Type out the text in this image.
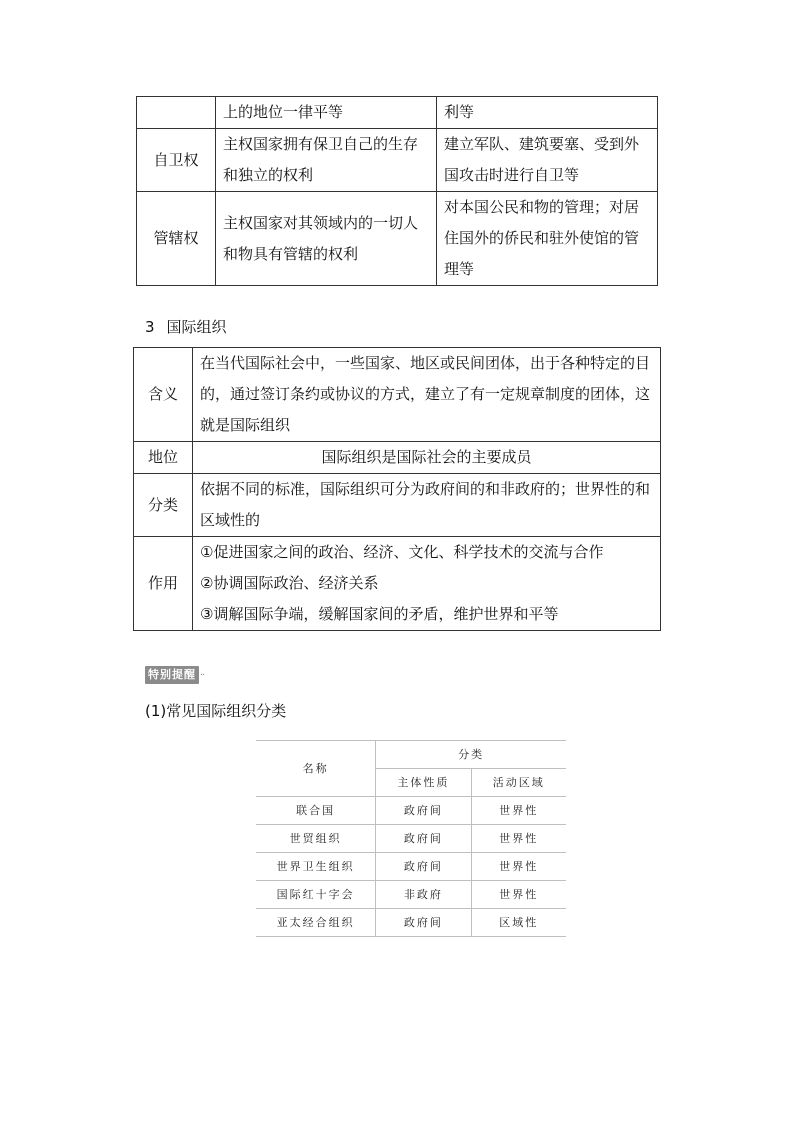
	上的地位一律平等	利等
自卫权	主权国家拥有保卫自己的生存和独立的权利	建立军队、建筑要塞、受到外国攻击时进行自卫等
管辖权	主权国家对其领域内的一切人和物具有管辖的权利	对本国公民和物的管理；对居住国外的侨民和驻外使馆的管理等
3 国际组织
含义	在当代国际社会中，一些国家、地区或民间团体，出于各种特定的目的，通过签订条约或协议的方式，建立了有一定规章制度的团体，这就是国际组织
地位	国际组织是国际社会的主要成员
分类	依据不同的标准，国际组织可分为政府间的和非政府的；世界性的和区域性的
作用	①促进国家之间的政治、经济、文化、科学技术的交流与合作
②协调国际政治、经济关系
③调解国际争端，缓解国家间的矛盾，维护世界和平等
特别提醒 ··
(1)常见国际组织分类
名称	分类	
	主体性质	活动区域
联合国	政府间	世界性
世贸组织	政府间	世界性
世界卫生组织	政府间	世界性
国际红十字会	非政府	世界性
亚太经合组织	政府间	区域性
